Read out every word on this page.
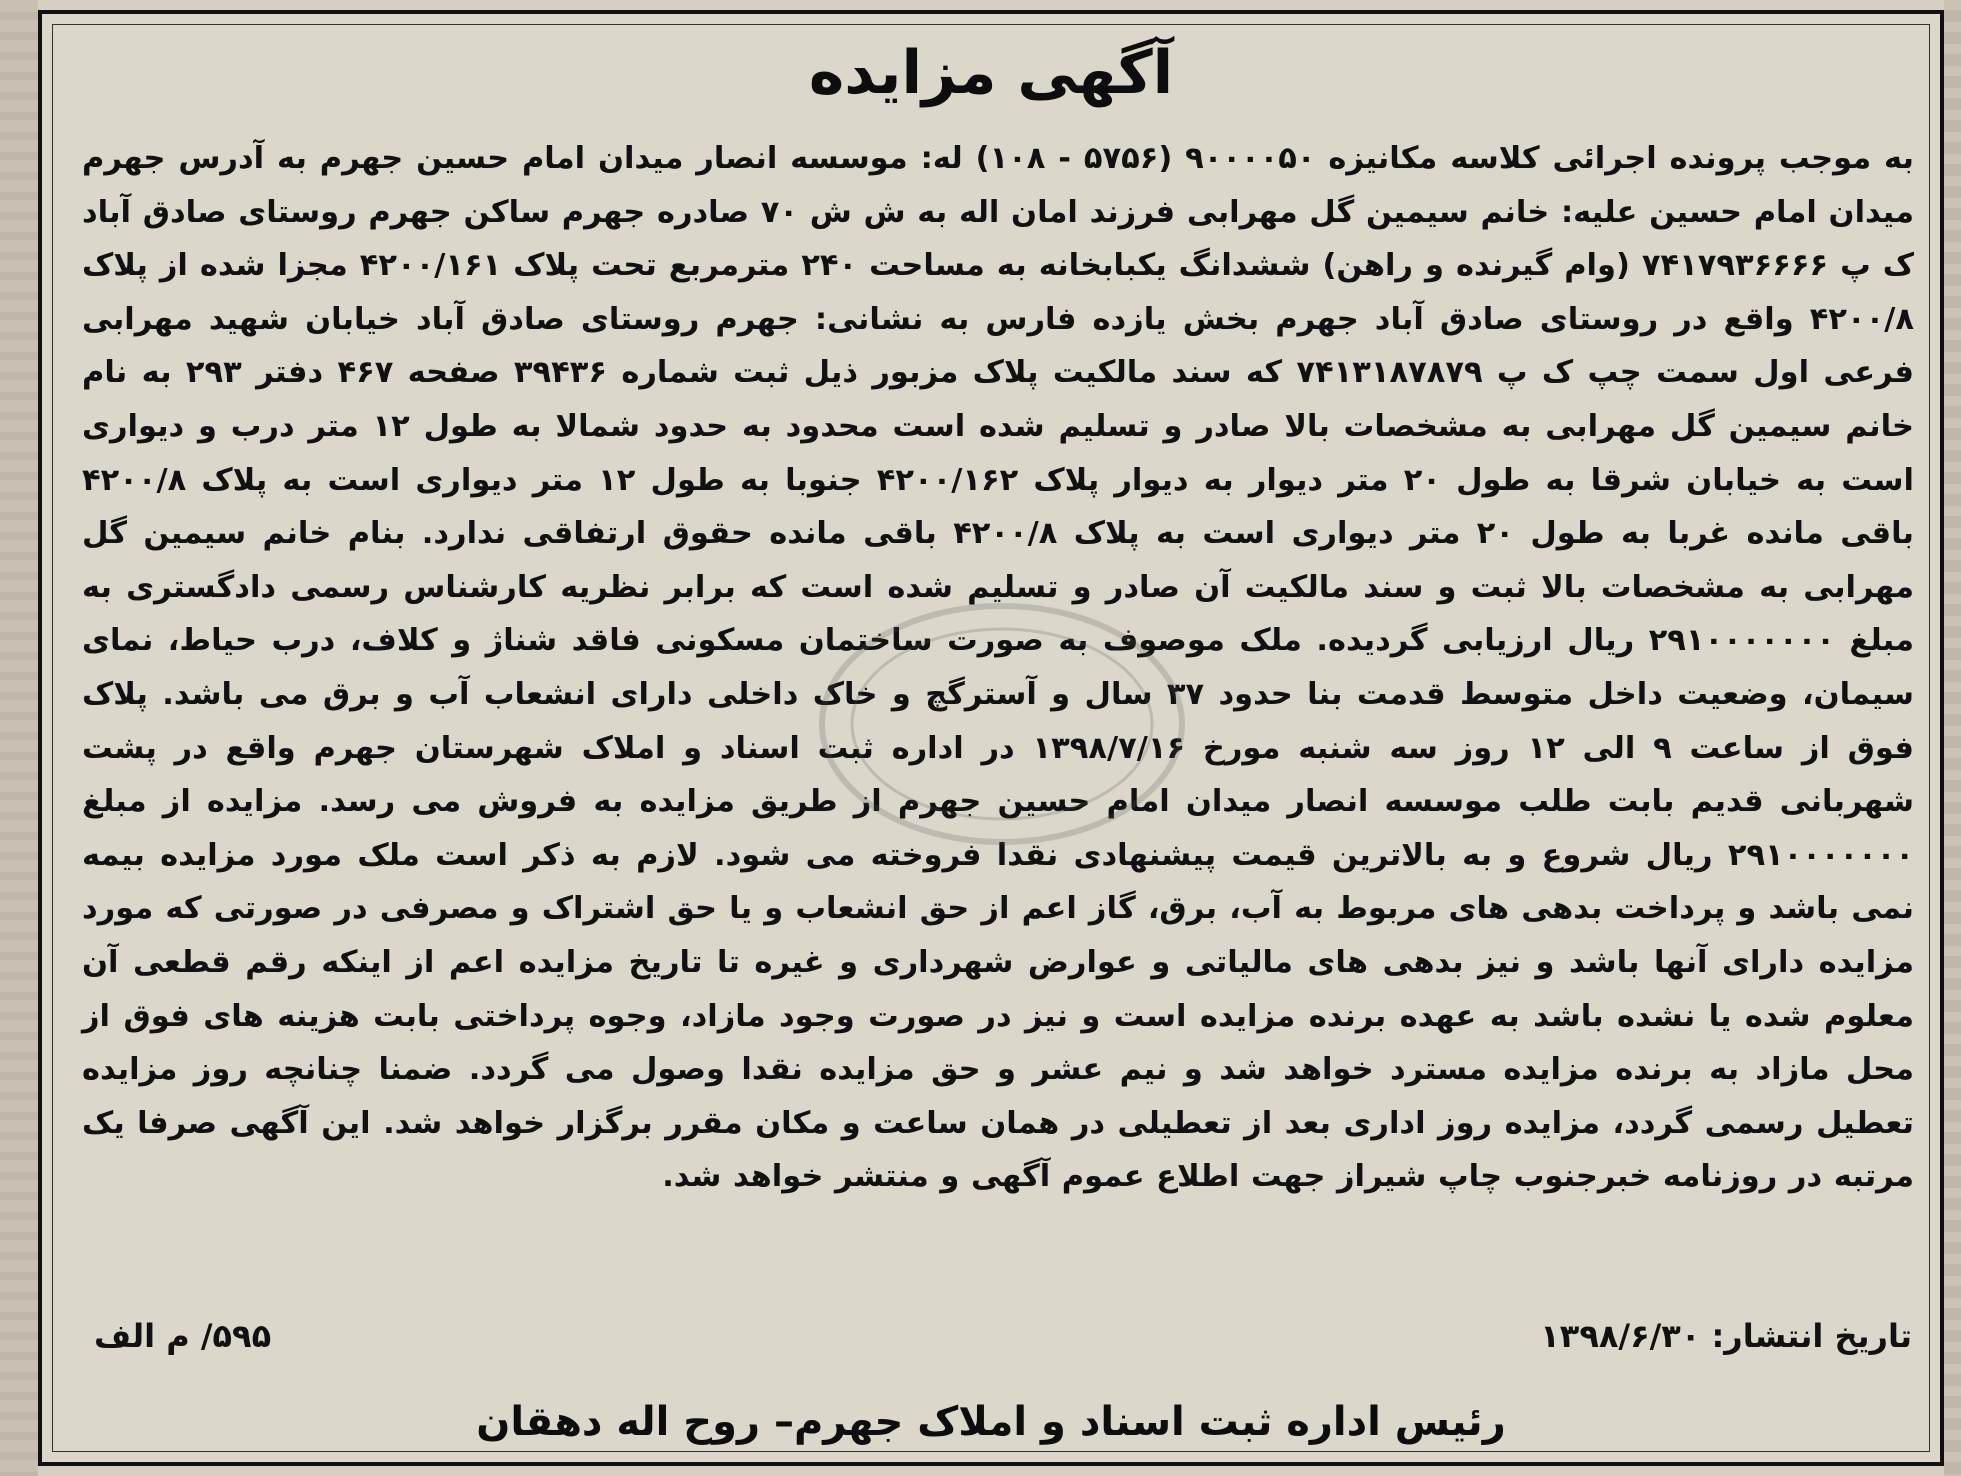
آگهی مزایده

به موجب پرونده اجرائی کلاسه مکانیزه ۹۰۰۰۰۵۰ (۵۷۵۶ - ۱۰۸) له: موسسه انصار میدان امام حسین جهرم به آدرس جهرم میدان امام حسین علیه: خانم سیمین گل مهرابی فرزند امان اله به ش ش ۷۰ صادره جهرم ساکن جهرم روستای صادق آباد ک پ ۷۴۱۷۹۳۶۶۶۶ (وام گیرنده و راهن) ششدانگ یکبابخانه به مساحت ۲۴۰ مترمربع تحت پلاک ۴۲۰۰/۱۶۱ مجزا شده از پلاک ۴۲۰۰/۸ واقع در روستای صادق آباد جهرم بخش یازده فارس به نشانی: جهرم روستای صادق آباد خیابان شهید مهرابی فرعی اول سمت چپ ک پ ۷۴۱۳۱۸۷۸۷۹ که سند مالکیت پلاک مزبور ذیل ثبت شماره ۳۹۴۳۶ صفحه ۴۶۷ دفتر ۲۹۳ به نام خانم سیمین گل مهرابی به مشخصات بالا صادر و تسلیم شده است محدود به حدود شمالا به طول ۱۲ متر درب و دیواری است به خیابان شرقا به طول ۲۰ متر دیوار به دیوار پلاک ۴۲۰۰/۱۶۲ جنوبا به طول ۱۲ متر دیواری است به پلاک ۴۲۰۰/۸ باقی مانده غربا به طول ۲۰ متر دیواری است به پلاک ۴۲۰۰/۸ باقی مانده حقوق ارتفاقی ندارد. بنام خانم سیمین گل مهرابی به مشخصات بالا ثبت و سند مالکیت آن صادر و تسلیم شده است که برابر نظریه کارشناس رسمی دادگستری به مبلغ ۲۹۱۰۰۰۰۰۰۰ ریال ارزیابی گردیده. ملک موصوف به صورت ساختمان مسکونی فاقد شناژ و کلاف، درب حیاط، نمای سیمان، وضعیت داخل متوسط قدمت بنا حدود ۳۷ سال و آسترگچ و خاک داخلی دارای انشعاب آب و برق می باشد. پلاک فوق از ساعت ۹ الی ۱۲ روز سه شنبه مورخ ۱۳۹۸/۷/۱۶ در اداره ثبت اسناد و املاک شهرستان جهرم واقع در پشت شهربانی قدیم بابت طلب موسسه انصار میدان امام حسین جهرم از طریق مزایده به فروش می رسد. مزایده از مبلغ ۲۹۱۰۰۰۰۰۰۰ ریال شروع و به بالاترین قیمت پیشنهادی نقدا فروخته می شود. لازم به ذکر است ملک مورد مزایده بیمه نمی باشد و پرداخت بدهی های مربوط به آب، برق، گاز اعم از حق انشعاب و یا حق اشتراک و مصرفی در صورتی که مورد مزایده دارای آنها باشد و نیز بدهی های مالیاتی و عوارض شهرداری و غیره تا تاریخ مزایده اعم از اینکه رقم قطعی آن معلوم شده یا نشده باشد به عهده برنده مزایده است و نیز در صورت وجود مازاد، وجوه پرداختی بابت هزینه های فوق از محل مازاد به برنده مزایده مسترد خواهد شد و نیم عشر و حق مزایده نقدا وصول می گردد. ضمنا چنانچه روز مزایده تعطیل رسمی گردد، مزایده روز اداری بعد از تعطیلی در همان ساعت و مکان مقرر برگزار خواهد شد. این آگهی صرفا یک مرتبه در روزنامه خبرجنوب چاپ شیراز جهت اطلاع عموم آگهی و منتشر خواهد شد.

تاریخ انتشار: ۱۳۹۸/۶/۳۰
۵۹۵/ م الف
رئیس اداره ثبت اسناد و املاک جهرم– روح اله دهقان
